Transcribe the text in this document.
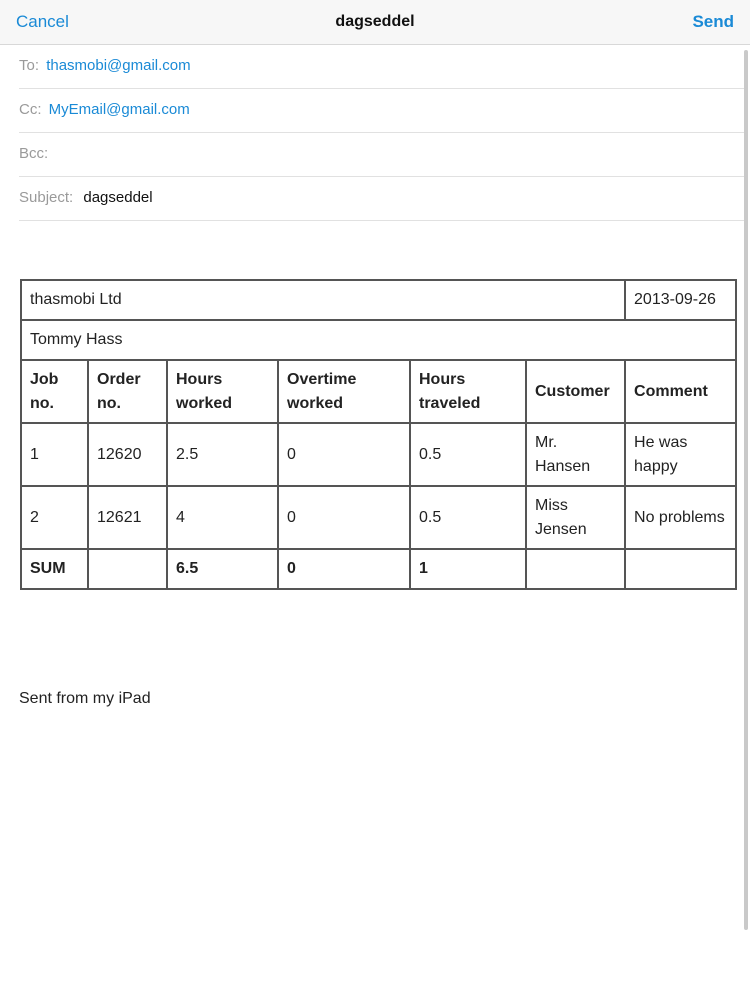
dagseddel
Cancel	Send
To: thasmobi@gmail.com
Cc: MyEmail@gmail.com
Bcc:
Subject: dagseddel
thasmobi Ltd						2013-09-26
Tommy Hass						
Job no.	Order no.	Hours worked	Overtime worked	Hours traveled	Customer	Comment
1	12620	2.5	0	0.5	Mr. Hansen	He was happy
2	12621	4	0	0.5	Miss Jensen	No problems
SUM		6.5	0	1		
Sent from my iPad
